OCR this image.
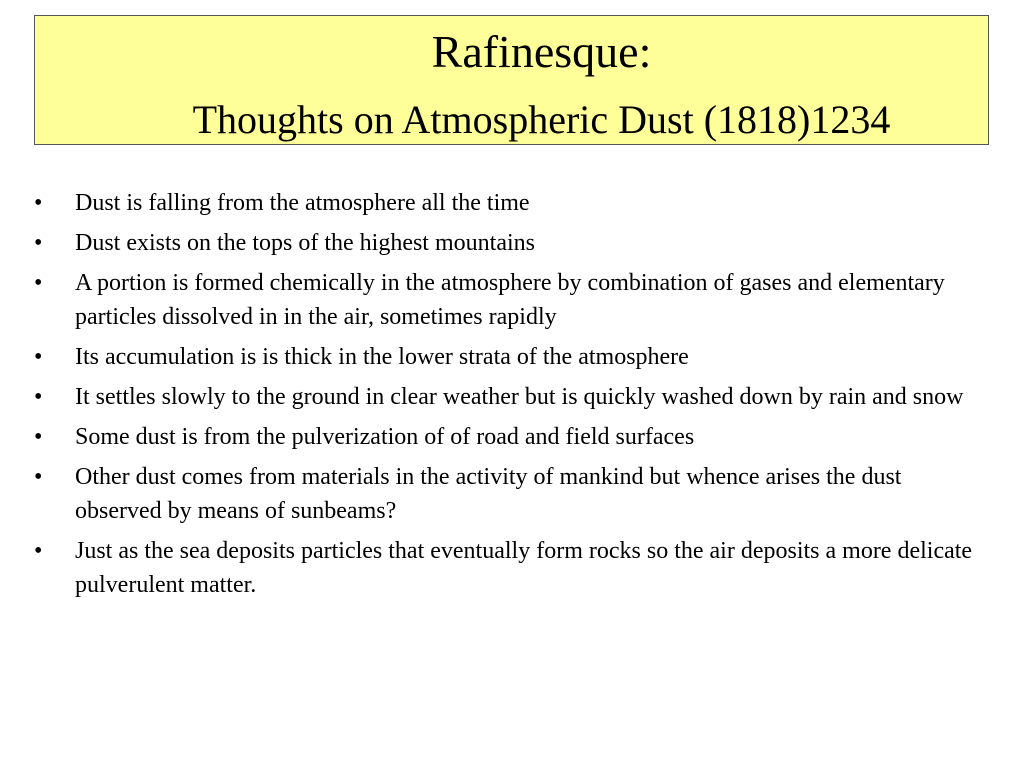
Rafinesque:
Thoughts on Atmospheric Dust (1818)1234
• Dust is falling from the atmosphere all the time
• Dust exists on the tops of the highest mountains
• A portion is formed chemically in the atmosphere by combination of gases and elementary particles dissolved in in the air, sometimes rapidly
• Its accumulation is is thick in the lower strata of the atmosphere
• It settles slowly to the ground in clear weather but is quickly washed down by rain and snow
• Some dust is from the pulverization of of road and field surfaces
• Other dust comes from materials in the activity of mankind but whence arises the dust observed by means of sunbeams?
• Just as the sea deposits particles that eventually form rocks so the air deposits a more delicate pulverulent matter.
